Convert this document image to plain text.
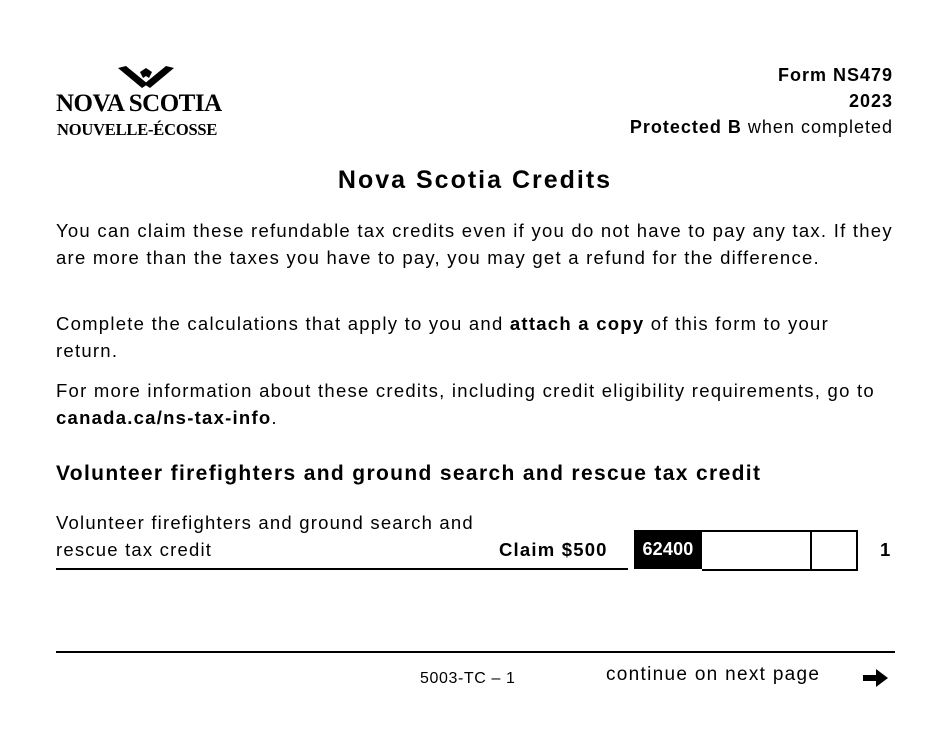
NOVA SCOTIA
NOUVELLE-ÉCOSSE
Form NS479
2023
Protected B when completed
Nova Scotia Credits
You can claim these refundable tax credits even if you do not have to pay any tax. If they are more than the taxes you have to pay, you may get a refund for the difference.
Complete the calculations that apply to you and attach a copy of this form to your return.
For more information about these credits, including credit eligibility requirements, go to canada.ca/ns-tax-info.
Volunteer firefighters and ground search and rescue tax credit
Volunteer firefighters and ground search and
rescue tax credit	Claim $500	62400	1
5003-TC – 1	continue on next page
